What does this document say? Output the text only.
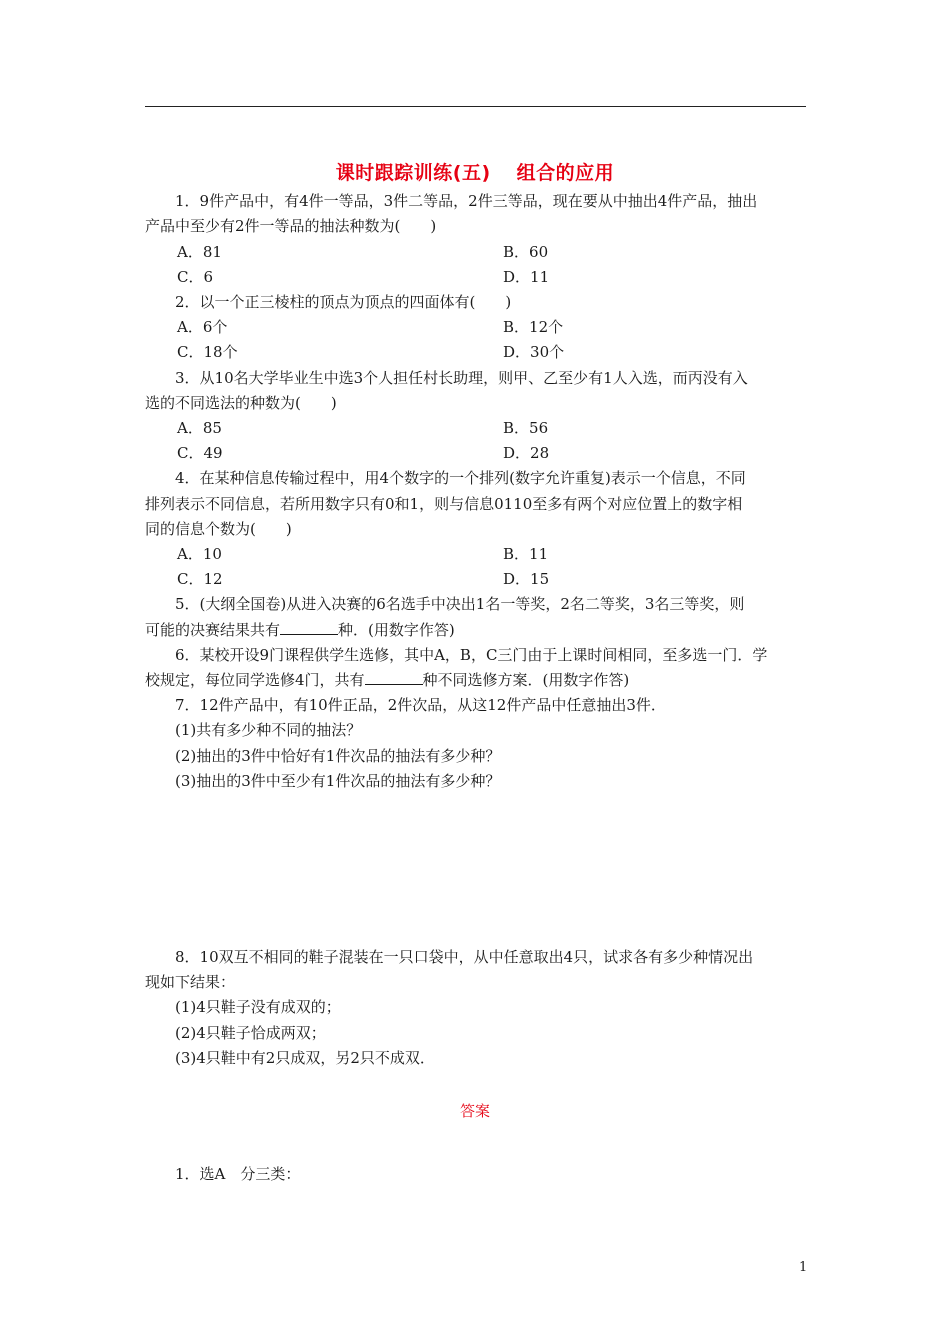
课时跟踪训练(五) 组合的应用
1．9件产品中，有4件一等品，3件二等品，2件三等品，现在要从中抽出4件产品，抽出
产品中至少有2件一等品的抽法种数为(　　)
A．81	B．60
C．6	D．11
2．以一个正三棱柱的顶点为顶点的四面体有(　　)
A．6个	B．12个
C．18个	D．30个
3．从10名大学毕业生中选3个人担任村长助理，则甲、乙至少有1人入选，而丙没有入
选的不同选法的种数为(　　)
A．85	B．56
C．49	D．28
4．在某种信息传输过程中，用4个数字的一个排列(数字允许重复)表示一个信息，不同
排列表示不同信息，若所用数字只有0和1，则与信息0110至多有两个对应位置上的数字相
同的信息个数为(　　)
A．10	B．11
C．12	D．15
5．(大纲全国卷)从进入决赛的6名选手中决出1名一等奖，2名二等奖，3名三等奖，则
可能的决赛结果共有	种．(用数字作答)
6．某校开设9门课程供学生选修，其中A，B，C三门由于上课时间相同，至多选一门．学
校规定，每位同学选修4门，共有	种不同选修方案．(用数字作答)
7．12件产品中，有10件正品，2件次品，从这12件产品中任意抽出3件．
(1)共有多少种不同的抽法？
(2)抽出的3件中恰好有1件次品的抽法有多少种？
(3)抽出的3件中至少有1件次品的抽法有多少种？
8．10双互不相同的鞋子混装在一只口袋中，从中任意取出4只，试求各有多少种情况出
现如下结果：
(1)4只鞋子没有成双的；
(2)4只鞋子恰成两双；
(3)4只鞋中有2只成双，另2只不成双．
答案
1．选A　分三类：
1
